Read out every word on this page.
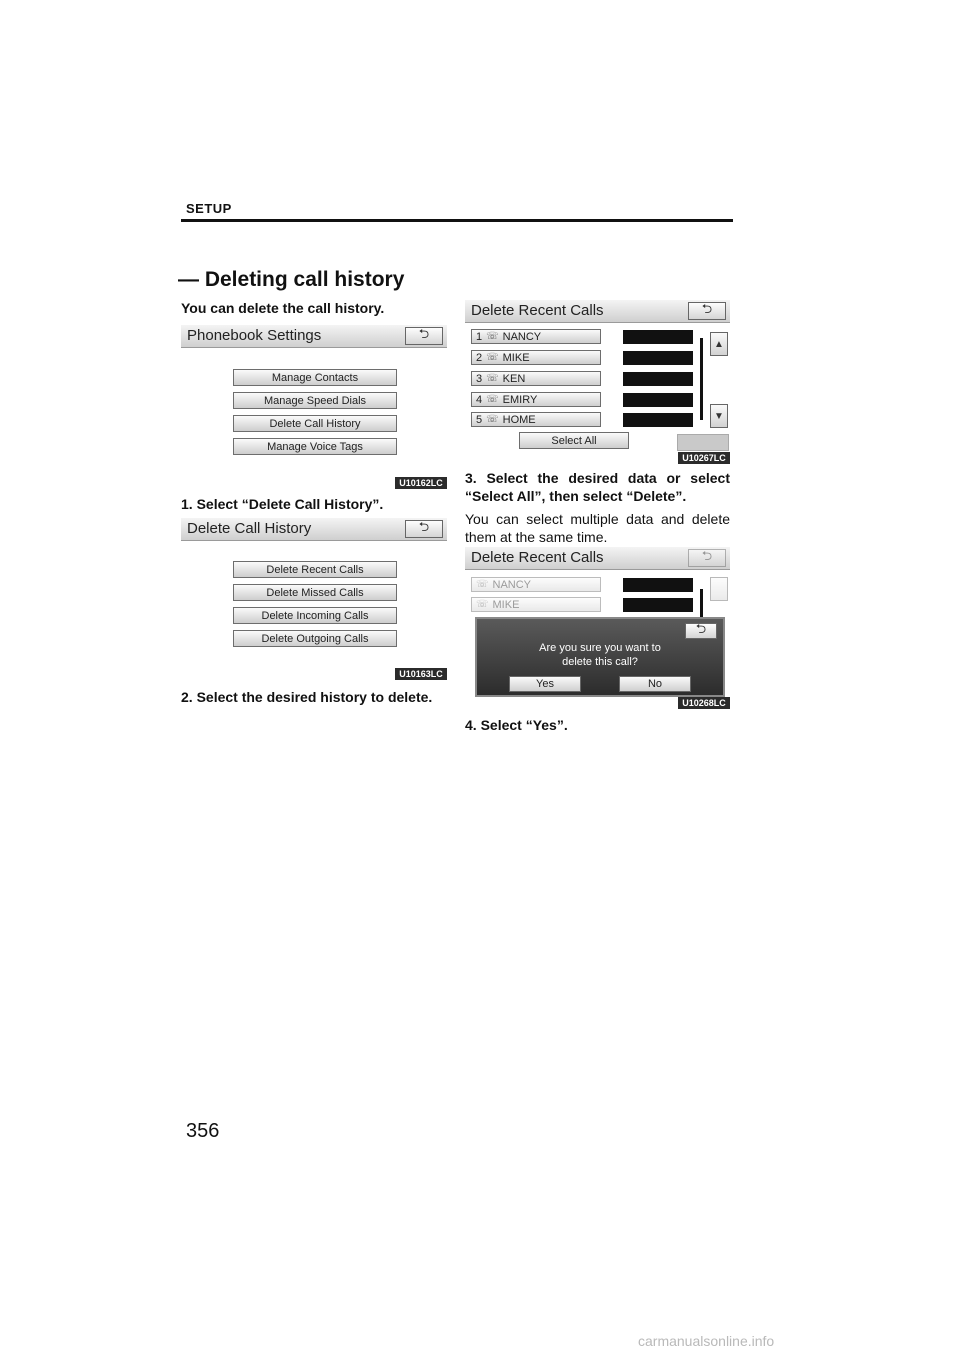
SETUP
— Deleting call history
You can delete the call history.
Phonebook Settings	⮌
Manage Contacts
Manage Speed Dials
Delete Call History
Manage Voice Tags
U10162LC
1. Select “Delete Call History”.
Delete Call History	⮌
Delete Recent Calls
Delete Missed Calls
Delete Incoming Calls
Delete Outgoing Calls
U10163LC
2. Select the desired history to delete.
Delete Recent Calls	⮌
1 ☏ NANCY
2 ☏ MIKE
3 ☏ KEN
4 ☏ EMIRY
5 ☏ HOME
▲
▼
Select All
U10267LC
3. Select the desired data or select “Select All”, then select “Delete”.
You can select multiple data and delete them at the same time.
Delete Recent Calls	⮌
☏ NANCY
☏ MIKE
⮌
Are you sure you want to
delete this call?
Yes	No
U10268LC
4. Select “Yes”.
356
carmanualsonline.info
